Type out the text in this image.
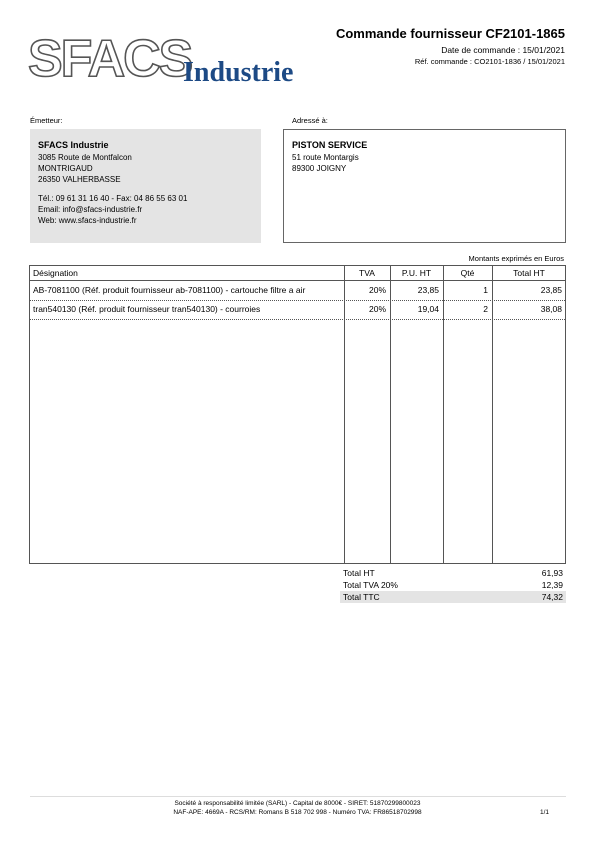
SFACS
Industrie
Commande fournisseur CF2101-1865
Date de commande : 15/01/2021
Réf. commande : CO2101-1836 / 15/01/2021
Émetteur:
SFACS Industrie
3085 Route de Montfalcon
MONTRIGAUD
26350 VALHERBASSE
Tél.: 09 61 31 16 40 - Fax: 04 86 55 63 01
Email: info@sfacs-industrie.fr
Web: www.sfacs-industrie.fr
Adressé à:
PISTON SERVICE
51 route Montargis
89300 JOIGNY
Montants exprimés en Euros
Désignation	TVA	P.U. HT	Qté	Total HT
AB-7081100 (Réf. produit fournisseur ab-7081100) - cartouche filtre a air	20%	23,85	1	23,85
tran540130 (Réf. produit fournisseur tran540130) - courroies	20%	19,04	2	38,08
Total HT	61,93
Total TVA 20%	12,39
Total TTC	74,32
Société à responsabilité limitée (SARL) - Capital de 8000€ - SIRET: 51870299800023
NAF-APE: 4669A - RCS/RM: Romans B 518 702 998 - Numéro TVA: FR86518702998	1/1
